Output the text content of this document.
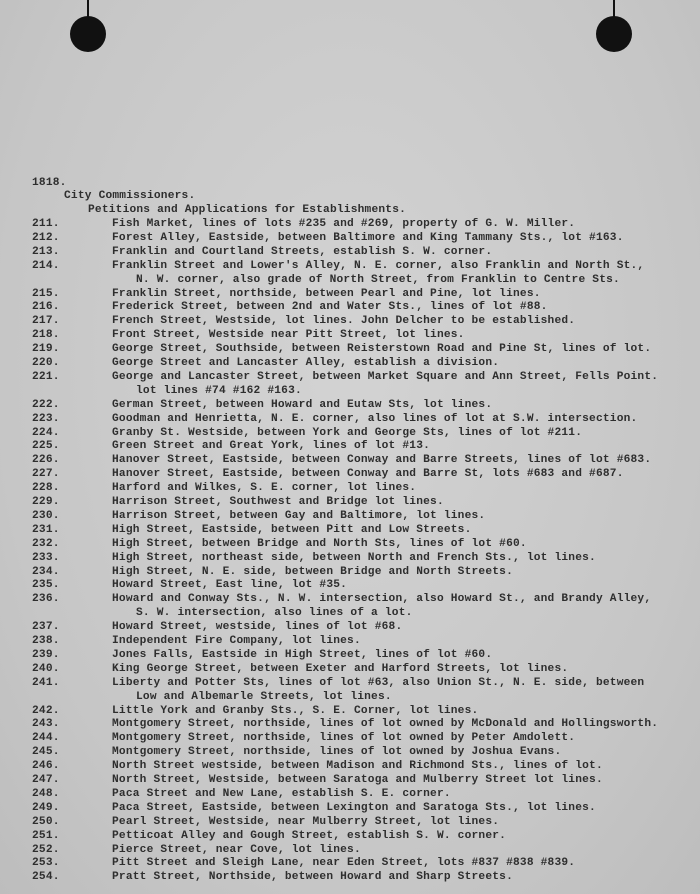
1818.
City Commissioners.
Petitions and Applications for Establishments.
211.	Fish Market, lines of lots #235 and #269, property of G. W. Miller.
212.	Forest Alley, Eastside, between Baltimore and King Tammany Sts., lot #163.
213.	Franklin and Courtland Streets, establish S. W. corner.
214.	Franklin Street and Lower's Alley, N. E. corner, also Franklin and North St.,
N. W. corner, also grade of North Street, from Franklin to Centre Sts.
215.	Franklin Street, northside, between Pearl and Pine, lot lines.
216.	Frederick Street, between 2nd and Water Sts., lines of lot #88.
217.	French Street, Westside, lot lines. John Delcher to be established.
218.	Front Street, Westside near Pitt Street, lot lines.
219.	George Street, Southside, between Reisterstown Road and Pine St, lines of lot.
220.	George Street and Lancaster Alley, establish a division.
221.	George and Lancaster Street, between Market Square and Ann Street, Fells Point.
lot lines #74 #162 #163.
222.	German Street, between Howard and Eutaw Sts, lot lines.
223.	Goodman and Henrietta, N. E. corner, also lines of lot at S.W. intersection.
224.	Granby St. Westside, between York and George Sts, lines of lot #211.
225.	Green Street and Great York, lines of lot #13.
226.	Hanover Street, Eastside, between Conway and Barre Streets, lines of lot #683.
227.	Hanover Street, Eastside, between Conway and Barre St, lots #683 and #687.
228.	Harford and Wilkes, S. E. corner, lot lines.
229.	Harrison Street, Southwest and Bridge lot lines.
230.	Harrison Street, between Gay and Baltimore, lot lines.
231.	High Street, Eastside, between Pitt and Low Streets.
232.	High Street, between Bridge and North Sts, lines of lot #60.
233.	High Street, northeast side, between North and French Sts., lot lines.
234.	High Street, N. E. side, between Bridge and North Streets.
235.	Howard Street, East line, lot #35.
236.	Howard and Conway Sts., N. W. intersection, also Howard St., and Brandy Alley,
S. W. intersection, also lines of a lot.
237.	Howard Street, westside, lines of lot #68.
238.	Independent Fire Company, lot lines.
239.	Jones Falls, Eastside in High Street, lines of lot #60.
240.	King George Street, between Exeter and Harford Streets, lot lines.
241.	Liberty and Potter Sts, lines of lot #63, also Union St., N. E. side, between
Low and Albemarle Streets, lot lines.
242.	Little York and Granby Sts., S. E. Corner, lot lines.
243.	Montgomery Street, northside, lines of lot owned by McDonald and Hollingsworth.
244.	Montgomery Street, northside, lines of lot owned by Peter Amdolett.
245.	Montgomery Street, northside, lines of lot owned by Joshua Evans.
246.	North Street westside, between Madison and Richmond Sts., lines of lot.
247.	North Street, Westside, between Saratoga and Mulberry Street lot lines.
248.	Paca Street and New Lane, establish S. E. corner.
249.	Paca Street, Eastside, between Lexington and Saratoga Sts., lot lines.
250.	Pearl Street, Westside, near Mulberry Street, lot lines.
251.	Petticoat Alley and Gough Street, establish S. W. corner.
252.	Pierce Street, near Cove, lot lines.
253.	Pitt Street and Sleigh Lane, near Eden Street, lots #837 #838 #839.
254.	Pratt Street, Northside, between Howard and Sharp Streets.
